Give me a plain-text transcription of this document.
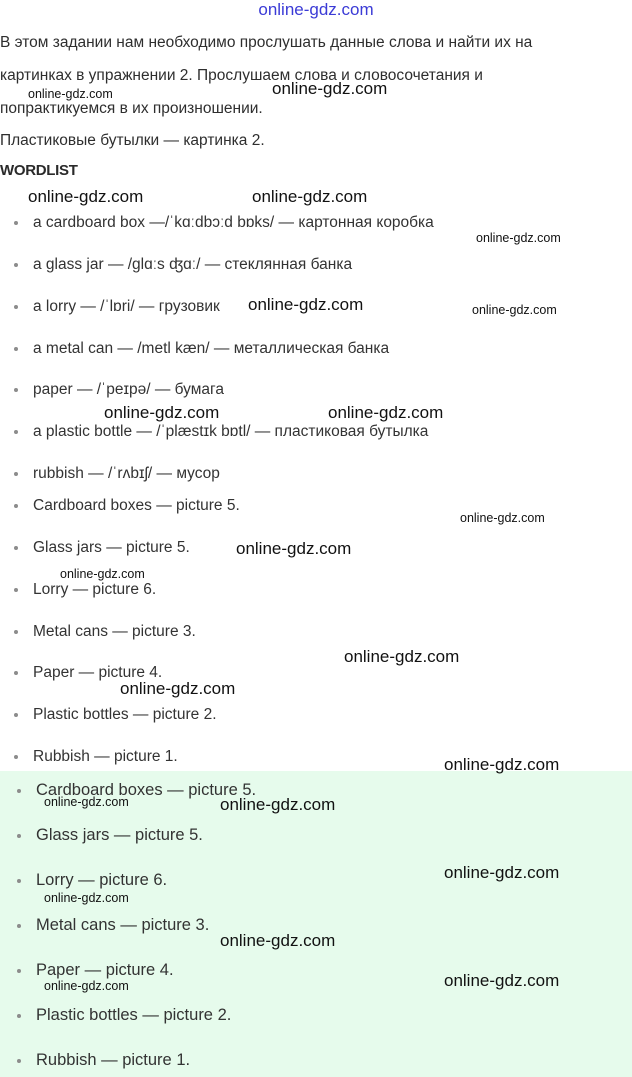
online-gdz.com
В этом задании нам необходимо прослушать данные слова и найти их на
картинках в упражнении 2. Прослушаем слова и словосочетания и
попрактикуемся в их произношении.
Пластиковые бутылки — картинка 2.
WORDLIST
a cardboard box —/ˈkɑːdbɔːd bɒks/ — картонная коробка
a glass jar — /glɑːs ʤɑː/ — стеклянная банка
a lorry — /ˈlɒri/ — грузовик
a metal can — /metl kæn/ — металлическая банка
paper — /ˈpeɪpə/ — бумага
a plastic bottle — /ˈplæstɪk bɒtl/ — пластиковая бутылка
rubbish — /ˈrʌbɪʃ/ — мусор
Cardboard boxes — picture 5.
Glass jars — picture 5.
Lorry — picture 6.
Metal cans — picture 3.
Paper — picture 4.
Plastic bottles — picture 2.
Rubbish — picture 1.
Cardboard boxes — picture 5.
Glass jars — picture 5.
Lorry — picture 6.
Metal cans — picture 3.
Paper — picture 4.
Plastic bottles — picture 2.
Rubbish — picture 1.
online-gdz.com	online-gdz.com
online-gdz.com	online-gdz.com
online-gdz.com
online-gdz.com	online-gdz.com
online-gdz.com	online-gdz.com
online-gdz.com
online-gdz.com
online-gdz.com
online-gdz.com
online-gdz.com
online-gdz.com
online-gdz.com	online-gdz.com
online-gdz.com
online-gdz.com
online-gdz.com
online-gdz.com
online-gdz.com
